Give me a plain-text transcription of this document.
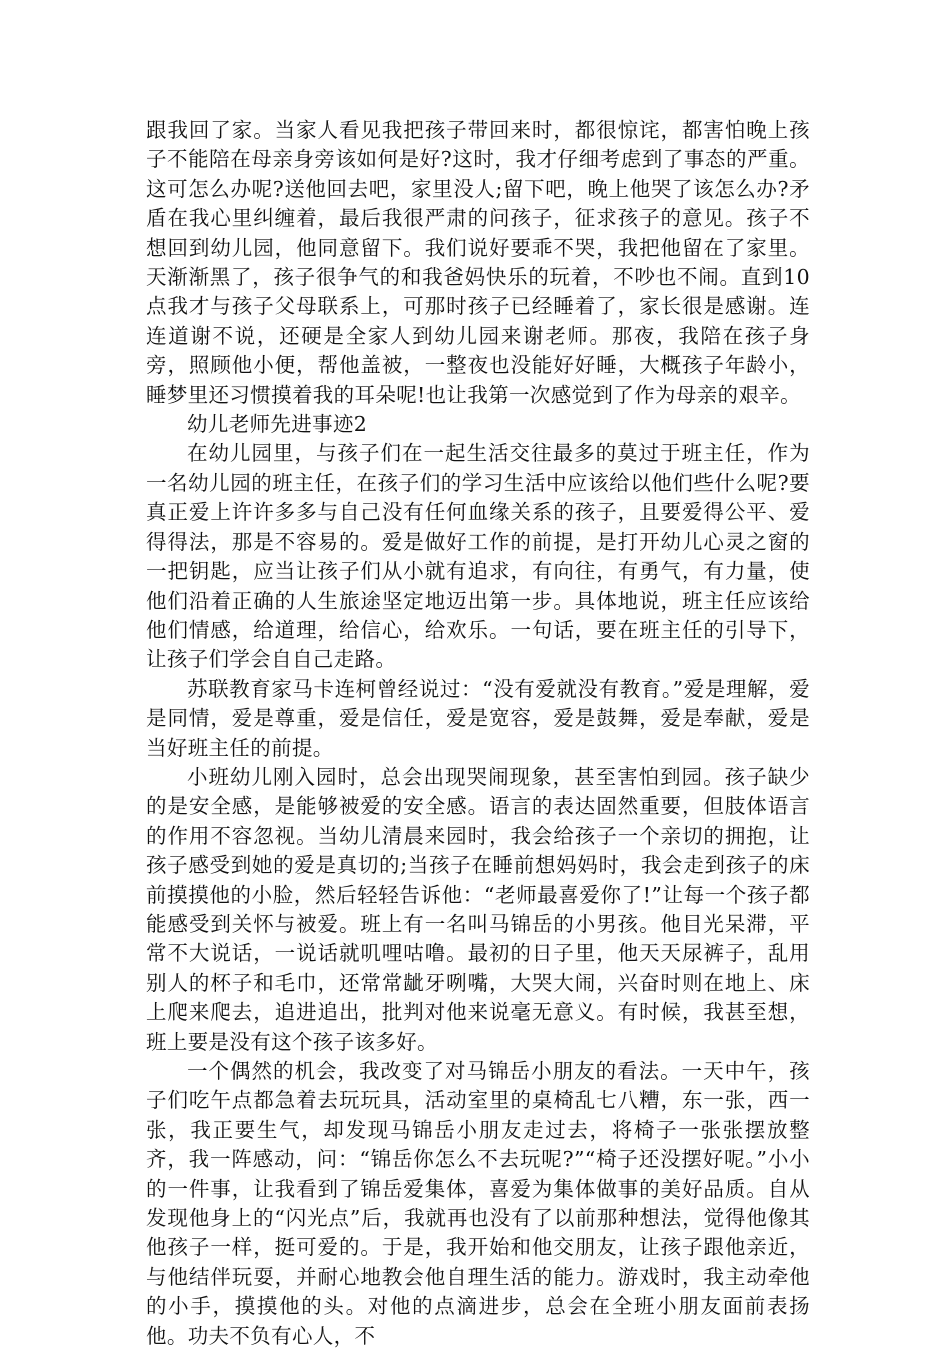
跟我回了家。当家人看见我把孩子带回来时，都很惊诧，都害怕晚上孩子不能陪在母亲身旁该如何是好?这时，我才仔细考虑到了事态的严重。这可怎么办呢?送他回去吧，家里没人;留下吧，晚上他哭了该怎么办?矛盾在我心里纠缠着，最后我很严肃的问孩子，征求孩子的意见。孩子不想回到幼儿园，他同意留下。我们说好要乖不哭，我把他留在了家里。天渐渐黑了，孩子很争气的和我爸妈快乐的玩着，不吵也不闹。直到10点我才与孩子父母联系上，可那时孩子已经睡着了，家长很是感谢。连连道谢不说，还硬是全家人到幼儿园来谢老师。那夜，我陪在孩子身旁，照顾他小便，帮他盖被，一整夜也没能好好睡，大概孩子年龄小，睡梦里还习惯摸着我的耳朵呢!也让我第一次感觉到了作为母亲的艰辛。

幼儿老师先进事迹2

在幼儿园里，与孩子们在一起生活交往最多的莫过于班主任，作为一名幼儿园的班主任，在孩子们的学习生活中应该给以他们些什么呢?要真正爱上许许多多与自己没有任何血缘关系的孩子，且要爱得公平、爱得得法，那是不容易的。爱是做好工作的前提，是打开幼儿心灵之窗的一把钥匙，应当让孩子们从小就有追求，有向往，有勇气，有力量，使他们沿着正确的人生旅途坚定地迈出第一步。具体地说，班主任应该给他们情感，给道理，给信心，给欢乐。一句话，要在班主任的引导下，让孩子们学会自自己走路。

苏联教育家马卡连柯曾经说过：“没有爱就没有教育。”爱是理解，爱是同情，爱是尊重，爱是信任，爱是宽容，爱是鼓舞，爱是奉献，爱是当好班主任的前提。

小班幼儿刚入园时，总会出现哭闹现象，甚至害怕到园。孩子缺少的是安全感，是能够被爱的安全感。语言的表达固然重要，但肢体语言的作用不容忽视。当幼儿清晨来园时，我会给孩子一个亲切的拥抱，让孩子感受到她的爱是真切的;当孩子在睡前想妈妈时，我会走到孩子的床前摸摸他的小脸，然后轻轻告诉他：“老师最喜爱你了!”让每一个孩子都能感受到关怀与被爱。班上有一名叫马锦岳的小男孩。他目光呆滞，平常不大说话，一说话就叽哩咕噜。最初的日子里，他天天尿裤子，乱用别人的杯子和毛巾，还常常龇牙咧嘴，大哭大闹，兴奋时则在地上、床上爬来爬去，追进追出，批判对他来说毫无意义。有时候，我甚至想，班上要是没有这个孩子该多好。

一个偶然的机会，我改变了对马锦岳小朋友的看法。一天中午，孩子们吃午点都急着去玩玩具，活动室里的桌椅乱七八糟，东一张，西一张，我正要生气，却发现马锦岳小朋友走过去，将椅子一张张摆放整齐，我一阵感动，问：“锦岳你怎么不去玩呢?”“椅子还没摆好呢。”小小的一件事，让我看到了锦岳爱集体，喜爱为集体做事的美好品质。自从发现他身上的“闪光点”后，我就再也没有了以前那种想法，觉得他像其他孩子一样，挺可爱的。于是，我开始和他交朋友，让孩子跟他亲近，与他结伴玩耍，并耐心地教会他自理生活的能力。游戏时，我主动牵他的小手，摸摸他的头。对他的点滴进步，总会在全班小朋友面前表扬他。功夫不负有心人，不
